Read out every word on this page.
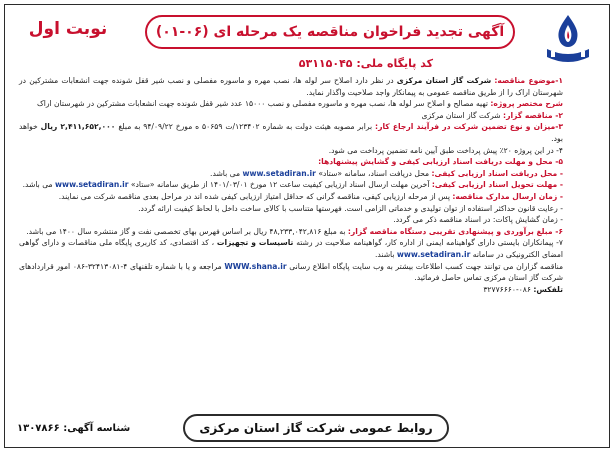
نوبت اول	آگهی تجدید فراخوان مناقصه یک مرحله ای (۰۶-۰۱)
کد پایگاه ملی: ۵۳۱۱۵۰۴۵

۱-موضوع مناقصه: شرکت گاز استان مرکزی در نظر دارد اصلاح سر لوله ها، نصب مهره و ماسوره مفصلی و نصب شیر قفل شونده جهت انشعابات مشترکین در شهرستان اراک را از طریق مناقصه عمومی به پیمانکار واجد صلاحیت واگذار نماید.

شرح مختصر پروژه: تهیه مصالح و اصلاح سر لوله ها، نصب مهره و ماسوره مفصلی و نصب ۱۵۰۰۰ عدد شیر قفل شونده جهت انشعابات مشترکین در شهرستان اراک

۲- مناقصه گزار: شرکت گاز استان مرکزی

۳-میزان و نوع تضمین شرکت در فرآیند ارجاع کار: برابر مصوبه هیئت دولت به شماره ۱۲۳۴۰۲/ت ۵۰۶۵۹ ه مورخ ۹۴/۰۹/۲۲ به مبلغ ۲,۴۱۱,۶۵۲,۰۰۰ ریال خواهد بود.

۴- در این پروژه ۲۰٪ پیش پرداخت طبق آیین نامه تضمین پرداخت می شود.

۵- محل و مهلت دریافت اسناد ارزیابی کیفی و گشایش پیشنهادها:

- محل دریافت اسناد ارزیابی کیفی: محل دریافت اسناد، سامانه «ستاد» www.setadiran.ir می باشد.

- مهلت تحویل اسناد ارزیابی کیفی: آخرین مهلت ارسال اسناد ارزیابی کیفیت ساعت ۱۲ مورخ ۱۴۰۱/۰۳/۰۱ از طریق سامانه «ستاد» www.setadiran.ir می باشد.

- زمان ارسال مدارک مناقصه: پس از مرحله ارزیابی کیفی، مناقصه گرانی که حداقل امتیاز ارزیابی کیفی شده اند در مراحل بعدی مناقصه شرکت می نمایند.

- رعایت قانون حداکثر استفاده از توان تولیدی و خدماتی الزامی است. فهرستها متناسب با کالای ساخت داخل با لحاظ کیفیت ارائه گردد.

- زمان گشایش پاکات: در اسناد مناقصه ذکر می گردد.

۶- مبلغ برآوردی و پیشنهادی تقریبی دستگاه مناقصه گزار: به مبلغ ۴۸,۲۳۳,۰۴۲,۸۱۶ ریال بر اساس فهرس بهای تخصصی نفت و گاز منتشره سال ۱۴۰۰ می باشد.

۷- پیمانکاران بایستی دارای گواهینامه ایمنی از اداره کار، گواهینامه صلاحیت در رشته تاسیسات و تجهیزات ، کد اقتصادی، کد کاربری پایگاه ملی مناقصات و دارای گواهی امضای الکترونیکی در سامانه www.setadiran.ir باشند.

مناقصه گزاران می توانند جهت کسب اطلاعات بیشتر به وب سایت پایگاه اطلاع رسانی WWW.shana.ir مراجعه و یا با شماره تلفنهای ۴-۳۲۴۱۳۰۸۱-۰۸۶ امور قراردادهای شرکت گاز استان مرکزی تماس حاصل فرمائید.

تلفکس: ۰۸۶-۳۲۷۷۶۶۶۰

روابط عمومی شرکت گاز استان مرکزی
شناسه آگهی: ۱۳۰۷۸۶۶
